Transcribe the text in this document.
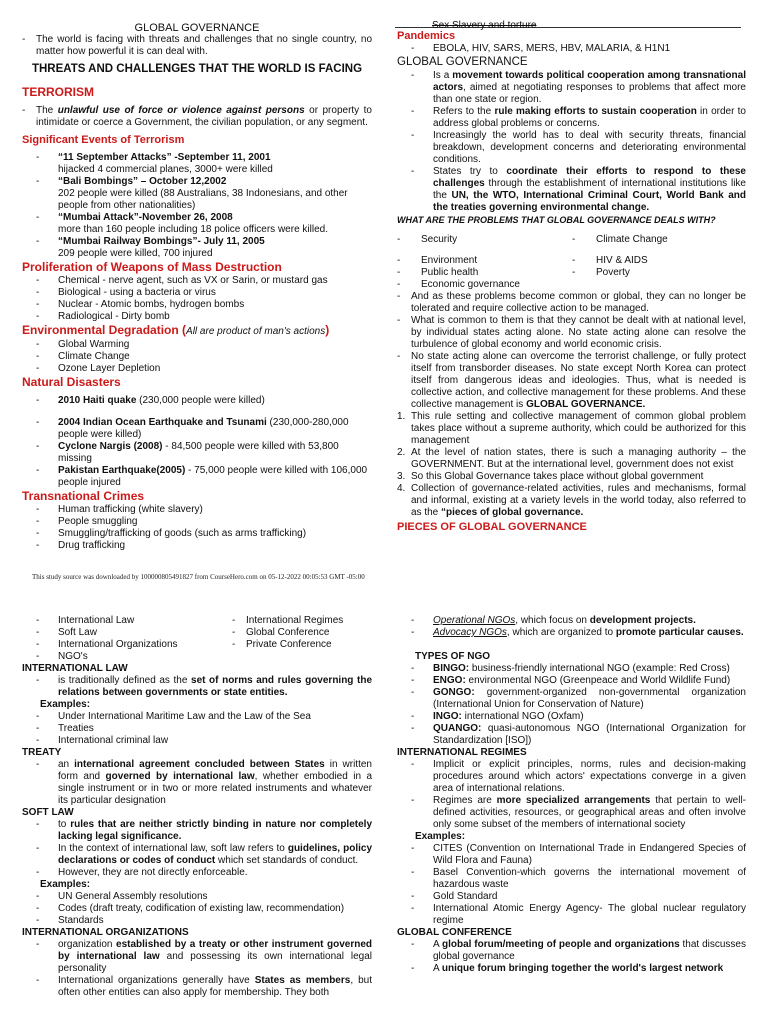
GLOBAL GOVERNANCE
-	The world is facing with threats and challenges that no single country, no matter how powerful it is can deal with.
THREATS AND CHALLENGES THAT THE WORLD IS FACING
TERRORISM
-	The unlawful use of force or violence against persons or property to intimidate or coerce a Government, the civilian population, or any segment.
Significant Events of Terrorism
-	“11 September Attacks” -September 11, 2001
hijacked 4 commercial planes, 3000+ were killed
-	“Bali Bombings” – October 12,2002
202 people were killed (88 Australians, 38 Indonesians, and other people from other nationalities)
-	“Mumbai Attack”-November 26, 2008
more than 160 people including 18 police officers were killed.
-	“Mumbai Railway Bombings”- July 11, 2005
209 people were killed, 700 injured
Proliferation of Weapons of Mass Destruction
-	Chemical - nerve agent, such as VX or Sarin, or mustard gas
-	Biological - using a bacteria or virus
-	Nuclear - Atomic bombs, hydrogen bombs
-	Radiological - Dirty bomb
Environmental Degradation (All are product of man's actions)
-	Global Warming
-	Climate Change
-	Ozone Layer Depletion
Natural Disasters
-	2010 Haiti quake (230,000 people were killed)
-	2004 Indian Ocean Earthquake and Tsunami (230,000-280,000 people were killed)
-	Cyclone Nargis (2008) - 84,500 people were killed with 53,800 missing
-	Pakistan Earthquake(2005) - 75,000 people were killed with 106,000 people injured
Transnational Crimes
-	Human trafficking (white slavery)
-	People smuggling
-	Smuggling/trafficking of goods (such as arms trafficking)
-	Drug trafficking
Sex Slavery and torture
Pandemics
-	EBOLA, HIV, SARS, MERS, HBV, MALARIA, & H1N1
GLOBAL GOVERNANCE
-	Is a movement towards political cooperation among transnational actors, aimed at negotiating responses to problems that affect more than one state or region.
-	Refers to the rule making efforts to sustain cooperation in order to address global problems or concerns.
-	Increasingly the world has to deal with security threats, financial breakdown, development concerns and deteriorating environmental conditions.
-	States try to coordinate their efforts to respond to these challenges through the establishment of international institutions like the UN, the WTO, International Criminal Court, World Bank and the treaties governing environmental change.
WHAT ARE THE PROBLEMS THAT GLOBAL GOVERNANCE DEALS WITH?
-	Security	-	Climate Change
-	Environment	-	HIV & AIDS
-	Public health	-	Poverty
-	Economic governance
-	And as these problems become common or global, they can no longer be tolerated and require collective action to be managed.
-	What is common to them is that they cannot be dealt with at national level, by individual states acting alone. No state acting alone can resolve the turbulence of global economy and world economic crisis.
-	No state acting alone can overcome the terrorist challenge, or fully protect itself from transborder diseases. No state except North Korea can protect itself from dangerous ideas and ideologies. Thus, what is needed is collective action, and collective management for these problems. And these collective management is GLOBAL GOVERNANCE.
1. This rule setting and collective management of common global problem takes place without a supreme authority, which could be authorized for this management
2. At the level of nation states, there is such a managing authority – the GOVERNMENT. But at the international level, government does not exist
3. So this Global Governance takes place without global government
4. Collection of governance-related activities, rules and mechanisms, formal and informal, existing at a variety levels in the world today, also referred to as the “pieces of global governance.
PIECES OF GLOBAL GOVERNANCE
This study source was downloaded by 100000805491827 from CourseHero.com on 05-12-2022 00:05:53 GMT -05:00
-	International Law	-	International Regimes
-	Soft Law	-	Global Conference
-	International Organizations	-	Private Conference
-	NGO's
INTERNATIONAL LAW
-	is traditionally defined as the set of norms and rules governing the relations between governments or state entities.
Examples:
-	Under International Maritime Law and the Law of the Sea
-	Treaties
-	International criminal law
TREATY
-	an international agreement concluded between States in written form and governed by international law, whether embodied in a single instrument or in two or more related instruments and whatever its particular designation
SOFT LAW
-	to rules that are neither strictly binding in nature nor completely lacking legal significance.
-	In the context of international law, soft law refers to guidelines, policy declarations or codes of conduct which set standards of conduct.
-	However, they are not directly enforceable.
Examples:
-	UN General Assembly resolutions
-	Codes (draft treaty, codification of existing law, recommendation)
-	Standards
INTERNATIONAL ORGANIZATIONS
-	organization established by a treaty or other instrument governed by international law and possessing its own international legal personality
-	International organizations generally have States as members, but often other entities can also apply for membership. They both
-	Operational NGOs, which focus on development projects.
-	Advocacy NGOs, which are organized to promote particular causes.
TYPES OF NGO
-	BINGO: business-friendly international NGO (example: Red Cross)
-	ENGO: environmental NGO (Greenpeace and World Wildlife Fund)
-	GONGO: government-organized non-governmental organization (International Union for Conservation of Nature)
-	INGO: international NGO (Oxfam)
-	QUANGO: quasi-autonomous NGO (International Organization for Standardization [ISO])
INTERNATIONAL REGIMES
-	Implicit or explicit principles, norms, rules and decision-making procedures around which actors' expectations converge in a given area of international relations.
-	Regimes are more specialized arrangements that pertain to well-defined activities, resources, or geographical areas and often involve only some subset of the members of international society
Examples:
-	CITES (Convention on International Trade in Endangered Species of Wild Flora and Fauna)
-	Basel Convention-which governs the international movement of hazardous waste
-	Gold Standard
-	International Atomic Energy Agency- The global nuclear regulatory regime
GLOBAL CONFERENCE
-	A global forum/meeting of people and organizations that discusses global governance
-	A unique forum bringing together the world's largest network
